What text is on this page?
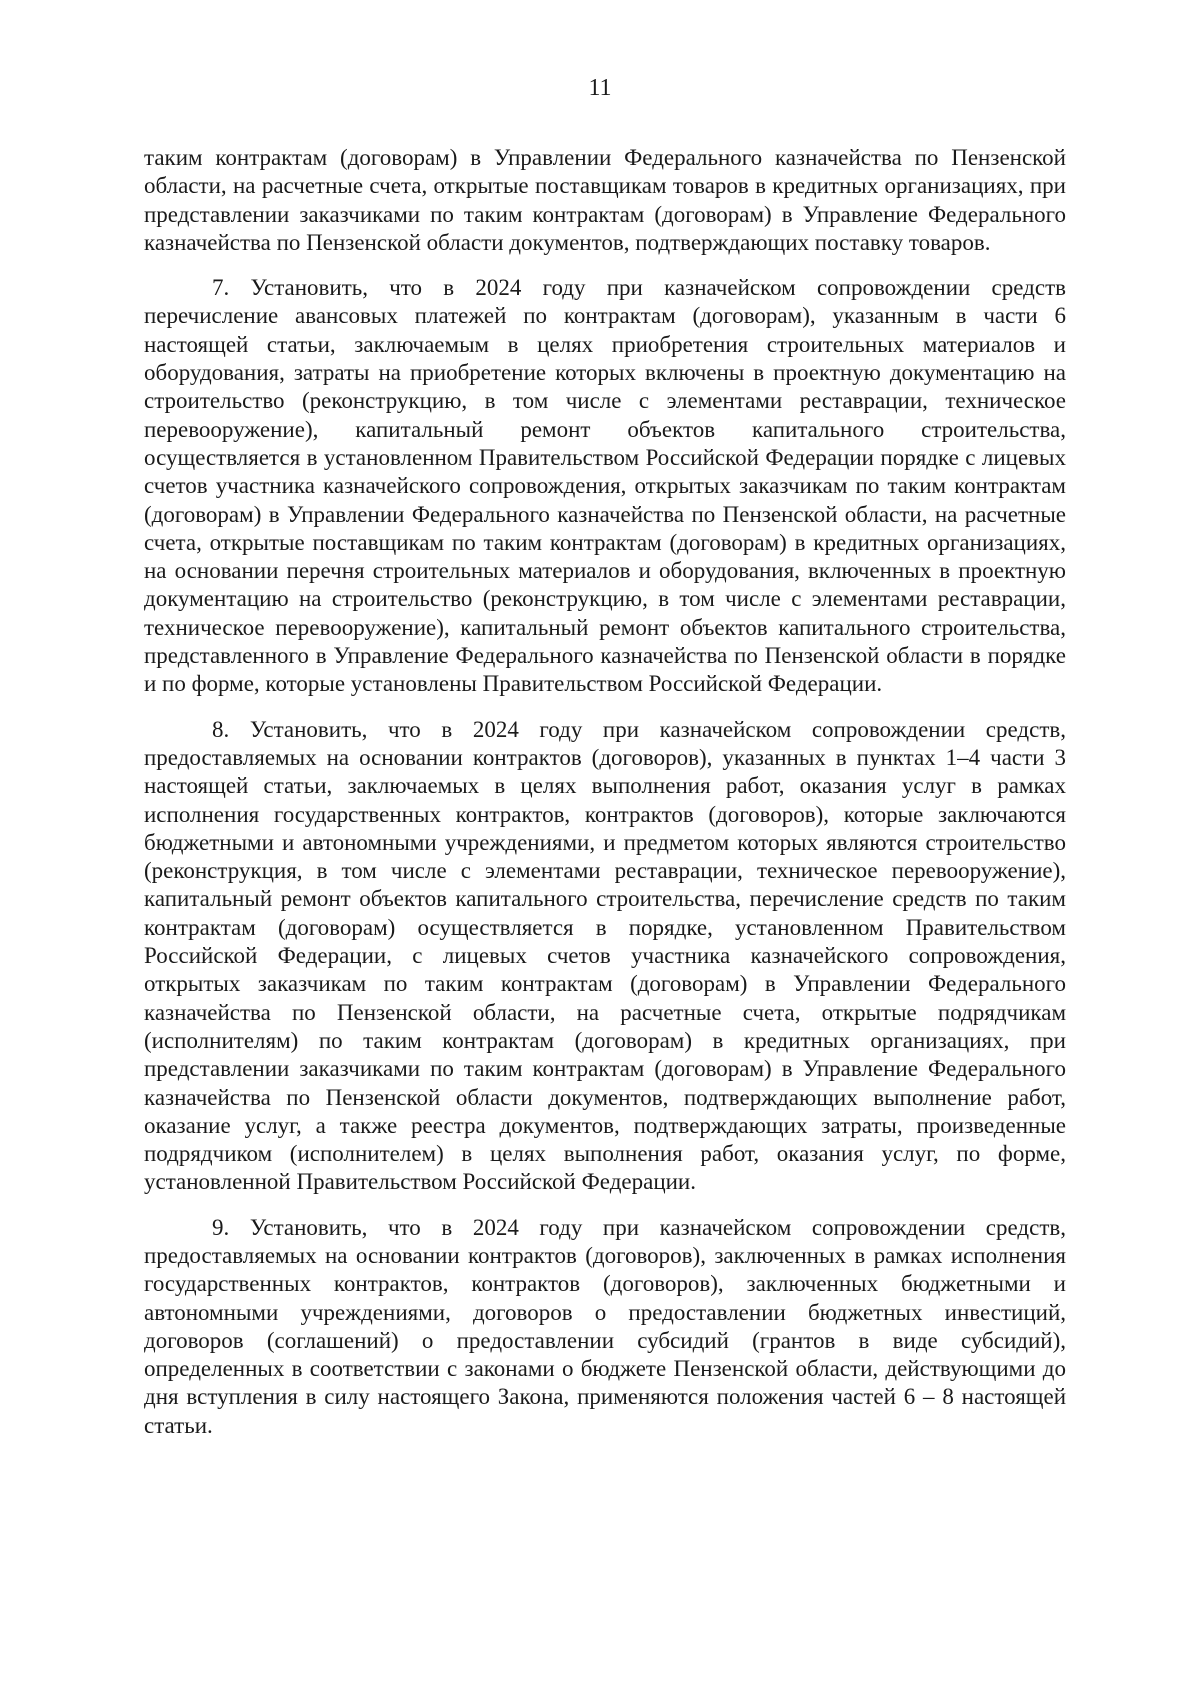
11

таким контрактам (договорам) в Управлении Федерального казначейства по Пензенской области, на расчетные счета, открытые поставщикам товаров в кредитных организациях, при представлении заказчиками по таким контрактам (договорам) в Управление Федерального казначейства по Пензенской области документов, подтверждающих поставку товаров.

7. Установить, что в 2024 году при казначейском сопровождении средств перечисление авансовых платежей по контрактам (договорам), указанным в части 6 настоящей статьи, заключаемым в целях приобретения строительных материалов и оборудования, затраты на приобретение которых включены в проектную документацию на строительство (реконструкцию, в том числе с элементами реставрации, техническое перевооружение), капитальный ремонт объектов капитального строительства, осуществляется в установленном Правительством Российской Федерации порядке с лицевых счетов участника казначейского сопровождения, открытых заказчикам по таким контрактам (договорам) в Управлении Федерального казначейства по Пензенской области, на расчетные счета, открытые поставщикам по таким контрактам (договорам) в кредитных организациях, на основании перечня строительных материалов и оборудования, включенных в проектную документацию на строительство (реконструкцию, в том числе с элементами реставрации, техническое перевооружение), капитальный ремонт объектов капитального строительства, представленного в Управление Федерального казначейства по Пензенской области в порядке и по форме, которые установлены Правительством Российской Федерации.

8. Установить, что в 2024 году при казначейском сопровождении средств, предоставляемых на основании контрактов (договоров), указанных в пунктах 1–4 части 3 настоящей статьи, заключаемых в целях выполнения работ, оказания услуг в рамках исполнения государственных контрактов, контрактов (договоров), которые заключаются бюджетными и автономными учреждениями, и предметом которых являются строительство (реконструкция, в том числе с элементами реставрации, техническое перевооружение), капитальный ремонт объектов капитального строительства, перечисление средств по таким контрактам (договорам) осуществляется в порядке, установленном Правительством Российской Федерации, с лицевых счетов участника казначейского сопровождения, открытых заказчикам по таким контрактам (договорам) в Управлении Федерального казначейства по Пензенской области, на расчетные счета, открытые подрядчикам (исполнителям) по таким контрактам (договорам) в кредитных организациях, при представлении заказчиками по таким контрактам (договорам) в Управление Федерального казначейства по Пензенской области документов, подтверждающих выполнение работ, оказание услуг, а также реестра документов, подтверждающих затраты, произведенные подрядчиком (исполнителем) в целях выполнения работ, оказания услуг, по форме, установленной Правительством Российской Федерации.

9. Установить, что в 2024 году при казначейском сопровождении средств, предоставляемых на основании контрактов (договоров), заключенных в рамках исполнения государственных контрактов, контрактов (договоров), заключенных бюджетными и автономными учреждениями, договоров о предоставлении бюджетных инвестиций, договоров (соглашений) о предоставлении субсидий (грантов в виде субсидий), определенных в соответствии с законами о бюджете Пензенской области, действующими до дня вступления в силу настоящего Закона, применяются положения частей 6 – 8 настоящей статьи.
